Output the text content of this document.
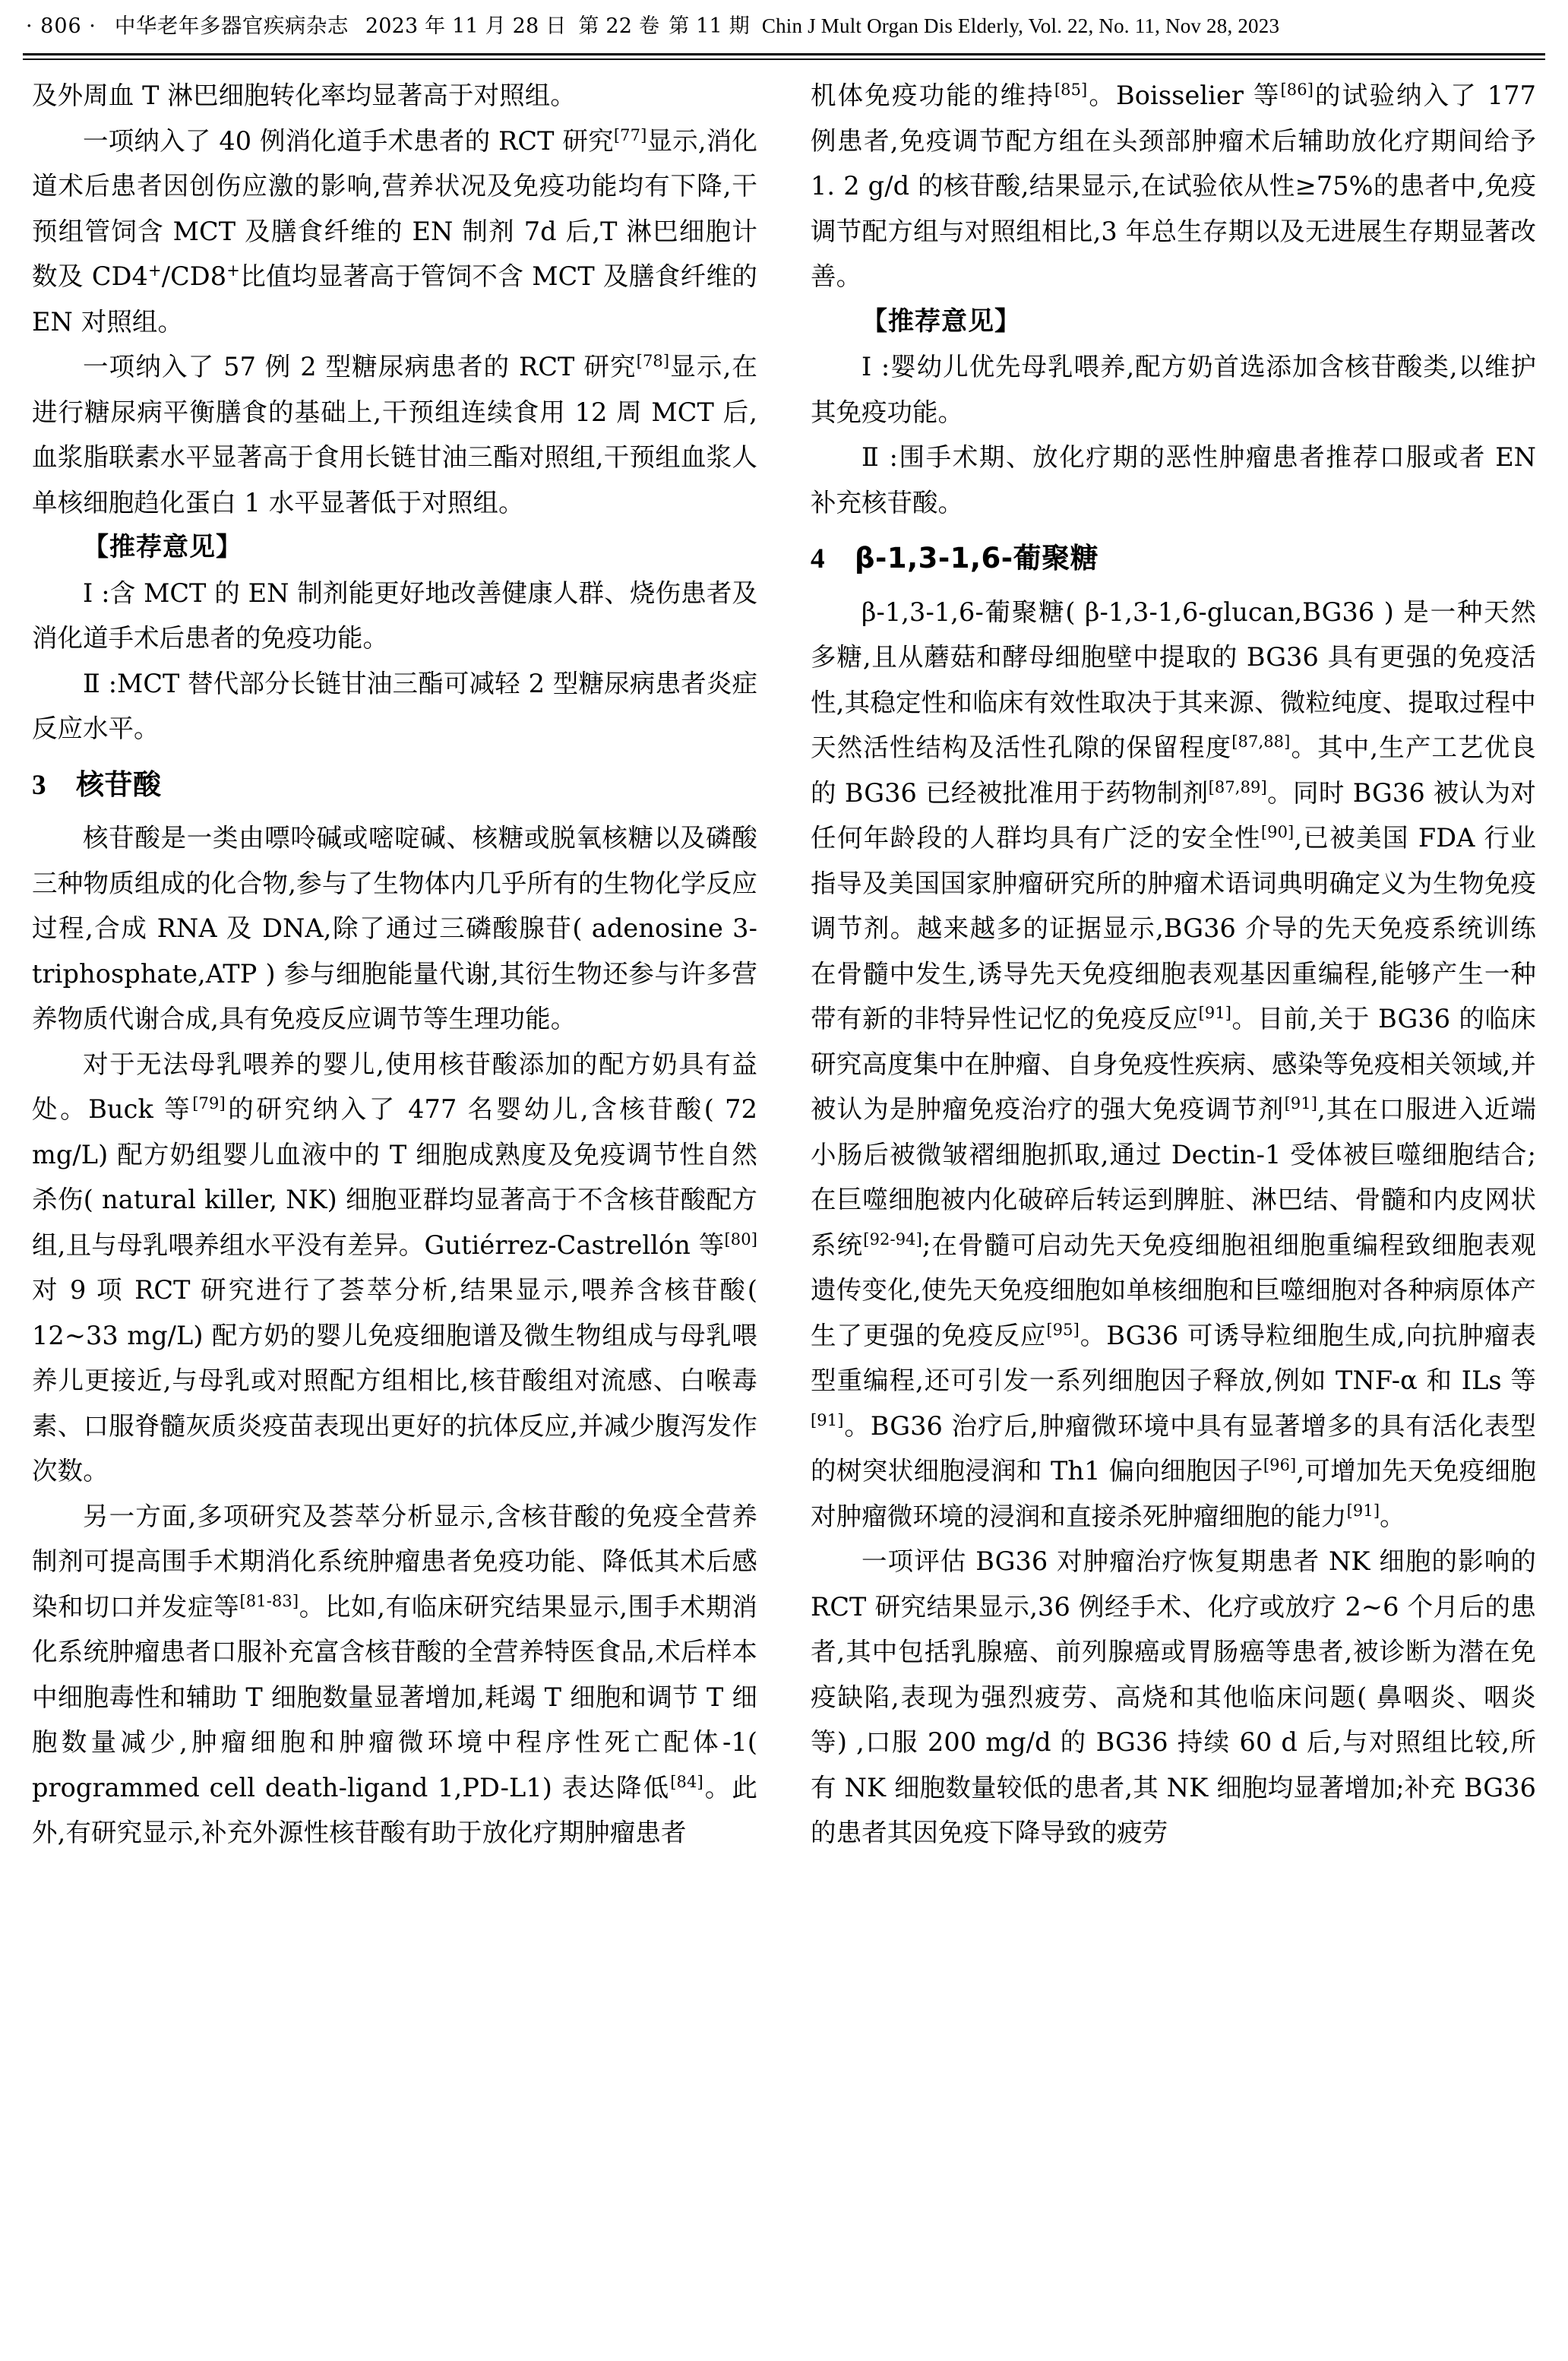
· 806 · 中华老年多器官疾病杂志 2023 年 11 月 28 日 第 22 卷 第 11 期 Chin J Mult Organ Dis Elderly, Vol. 22, No. 11, Nov 28, 2023

及外周血 T 淋巴细胞转化率均显著高于对照组。

一项纳入了 40 例消化道手术患者的 RCT 研究[77]显示,消化道术后患者因创伤应激的影响,营养状况及免疫功能均有下降,干预组管饲含 MCT 及膳食纤维的 EN 制剂 7d 后,T 淋巴细胞计数及 CD4+/CD8+比值均显著高于管饲不含 MCT 及膳食纤维的 EN 对照组。

一项纳入了 57 例 2 型糖尿病患者的 RCT 研究[78]显示,在进行糖尿病平衡膳食的基础上,干预组连续食用 12 周 MCT 后,血浆脂联素水平显著高于食用长链甘油三酯对照组,干预组血浆人单核细胞趋化蛋白 1 水平显著低于对照组。

【推荐意见】

Ⅰ :含 MCT 的 EN 制剂能更好地改善健康人群、烧伤患者及消化道手术后患者的免疫功能。

Ⅱ :MCT 替代部分长链甘油三酯可减轻 2 型糖尿病患者炎症反应水平。

3 核苷酸

核苷酸是一类由嘌呤碱或嘧啶碱、核糖或脱氧核糖以及磷酸三种物质组成的化合物,参与了生物体内几乎所有的生物化学反应过程,合成 RNA 及 DNA,除了通过三磷酸腺苷( adenosine 3-triphosphate,ATP ) 参与细胞能量代谢,其衍生物还参与许多营养物质代谢合成,具有免疫反应调节等生理功能。

对于无法母乳喂养的婴儿,使用核苷酸添加的配方奶具有益处。Buck 等[79]的研究纳入了 477 名婴幼儿,含核苷酸( 72 mg/L) 配方奶组婴儿血液中的 T 细胞成熟度及免疫调节性自然杀伤( natural killer, NK) 细胞亚群均显著高于不含核苷酸配方组,且与母乳喂养组水平没有差异。Gutiérrez-Castrellón 等[80]对 9 项 RCT 研究进行了荟萃分析,结果显示,喂养含核苷酸( 12~33 mg/L) 配方奶的婴儿免疫细胞谱及微生物组成与母乳喂养儿更接近,与母乳或对照配方组相比,核苷酸组对流感、白喉毒素、口服脊髓灰质炎疫苗表现出更好的抗体反应,并减少腹泻发作次数。

另一方面,多项研究及荟萃分析显示,含核苷酸的免疫全营养制剂可提高围手术期消化系统肿瘤患者免疫功能、降低其术后感染和切口并发症等[81-83]。比如,有临床研究结果显示,围手术期消化系统肿瘤患者口服补充富含核苷酸的全营养特医食品,术后样本中细胞毒性和辅助 T 细胞数量显著增加,耗竭 T 细胞和调节 T 细胞数量减少,肿瘤细胞和肿瘤微环境中程序性死亡配体-1( programmed cell death-ligand 1,PD-L1) 表达降低[84]。此外,有研究显示,补充外源性核苷酸有助于放化疗期肿瘤患者

机体免疫功能的维持[85]。Boisselier 等[86]的试验纳入了 177 例患者,免疫调节配方组在头颈部肿瘤术后辅助放化疗期间给予 1. 2 g/d 的核苷酸,结果显示,在试验依从性≥75%的患者中,免疫调节配方组与对照组相比,3 年总生存期以及无进展生存期显著改善。

【推荐意见】

Ⅰ :婴幼儿优先母乳喂养,配方奶首选添加含核苷酸类,以维护其免疫功能。

Ⅱ :围手术期、放化疗期的恶性肿瘤患者推荐口服或者 EN 补充核苷酸。

4 β-1,3-1,6-葡聚糖

β-1,3-1,6-葡聚糖( β-1,3-1,6-glucan,BG36 ) 是一种天然多糖,且从蘑菇和酵母细胞壁中提取的 BG36 具有更强的免疫活性,其稳定性和临床有效性取决于其来源、微粒纯度、提取过程中天然活性结构及活性孔隙的保留程度[87,88]。其中,生产工艺优良的 BG36 已经被批准用于药物制剂[87,89]。同时 BG36 被认为对任何年龄段的人群均具有广泛的安全性[90],已被美国 FDA 行业指导及美国国家肿瘤研究所的肿瘤术语词典明确定义为生物免疫调节剂。越来越多的证据显示,BG36 介导的先天免疫系统训练在骨髓中发生,诱导先天免疫细胞表观基因重编程,能够产生一种带有新的非特异性记忆的免疫反应[91]。目前,关于 BG36 的临床研究高度集中在肿瘤、自身免疫性疾病、感染等免疫相关领域,并被认为是肿瘤免疫治疗的强大免疫调节剂[91],其在口服进入近端小肠后被微皱褶细胞抓取,通过 Dectin-1 受体被巨噬细胞结合;在巨噬细胞被内化破碎后转运到脾脏、淋巴结、骨髓和内皮网状系统[92-94];在骨髓可启动先天免疫细胞祖细胞重编程致细胞表观遗传变化,使先天免疫细胞如单核细胞和巨噬细胞对各种病原体产生了更强的免疫反应[95]。BG36 可诱导粒细胞生成,向抗肿瘤表型重编程,还可引发一系列细胞因子释放,例如 TNF-α 和 ILs 等[91]。BG36 治疗后,肿瘤微环境中具有显著增多的具有活化表型的树突状细胞浸润和 Th1 偏向细胞因子[96],可增加先天免疫细胞对肿瘤微环境的浸润和直接杀死肿瘤细胞的能力[91]。

一项评估 BG36 对肿瘤治疗恢复期患者 NK 细胞的影响的 RCT 研究结果显示,36 例经手术、化疗或放疗 2~6 个月后的患者,其中包括乳腺癌、前列腺癌或胃肠癌等患者,被诊断为潜在免疫缺陷,表现为强烈疲劳、高烧和其他临床问题( 鼻咽炎、咽炎等) ,口服 200 mg/d 的 BG36 持续 60 d 后,与对照组比较,所有 NK 细胞数量较低的患者,其 NK 细胞均显著增加;补充 BG36 的患者其因免疫下降导致的疲劳
